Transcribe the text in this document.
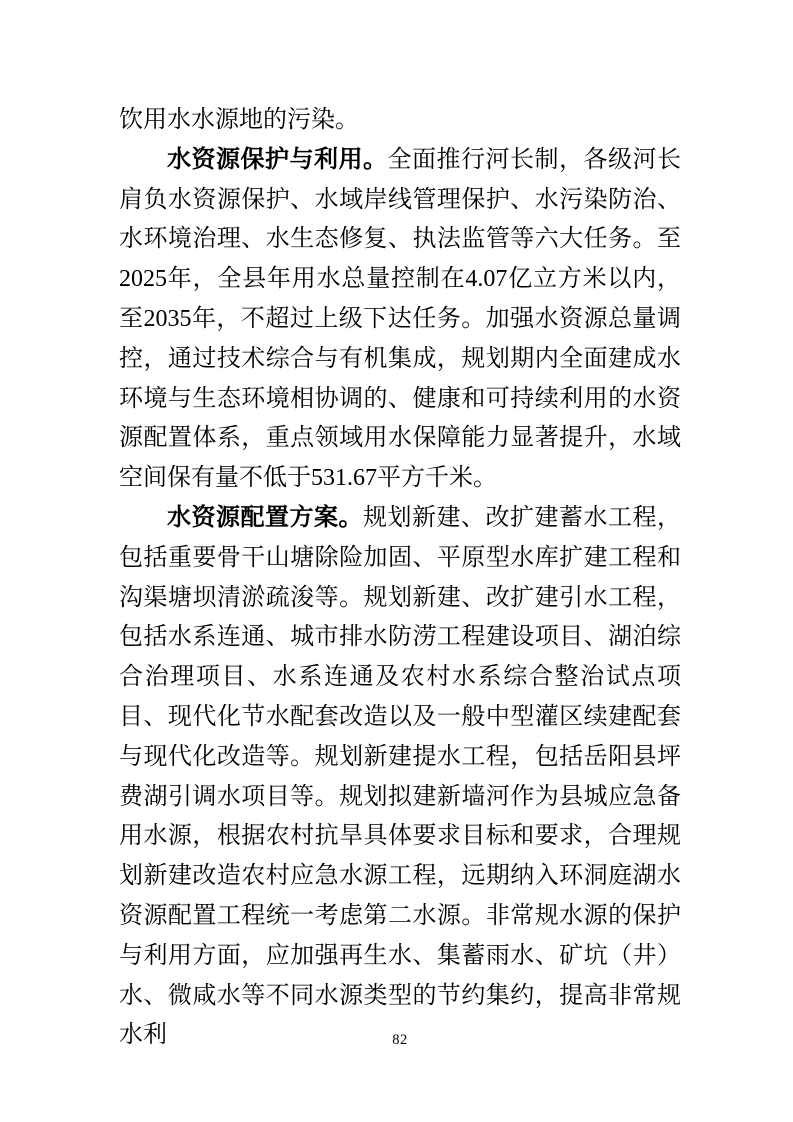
饮用水水源地的污染。

水资源保护与利用。全面推行河长制，各级河长肩负水资源保护、水域岸线管理保护、水污染防治、水环境治理、水生态修复、执法监管等六大任务。至2025年，全县年用水总量控制在4.07亿立方米以内，至2035年，不超过上级下达任务。加强水资源总量调控，通过技术综合与有机集成，规划期内全面建成水环境与生态环境相协调的、健康和可持续利用的水资源配置体系，重点领域用水保障能力显著提升，水域空间保有量不低于531.67平方千米。

水资源配置方案。规划新建、改扩建蓄水工程，包括重要骨干山塘除险加固、平原型水库扩建工程和沟渠塘坝清淤疏浚等。规划新建、改扩建引水工程，包括水系连通、城市排水防涝工程建设项目、湖泊综合治理项目、水系连通及农村水系综合整治试点项目、现代化节水配套改造以及一般中型灌区续建配套与现代化改造等。规划新建提水工程，包括岳阳县坪费湖引调水项目等。规划拟建新墙河作为县城应急备用水源，根据农村抗旱具体要求目标和要求，合理规划新建改造农村应急水源工程，远期纳入环洞庭湖水资源配置工程统一考虑第二水源。非常规水源的保护与利用方面，应加强再生水、集蓄雨水、矿坑（井）水、微咸水等不同水源类型的节约集约，提高非常规水利	82
